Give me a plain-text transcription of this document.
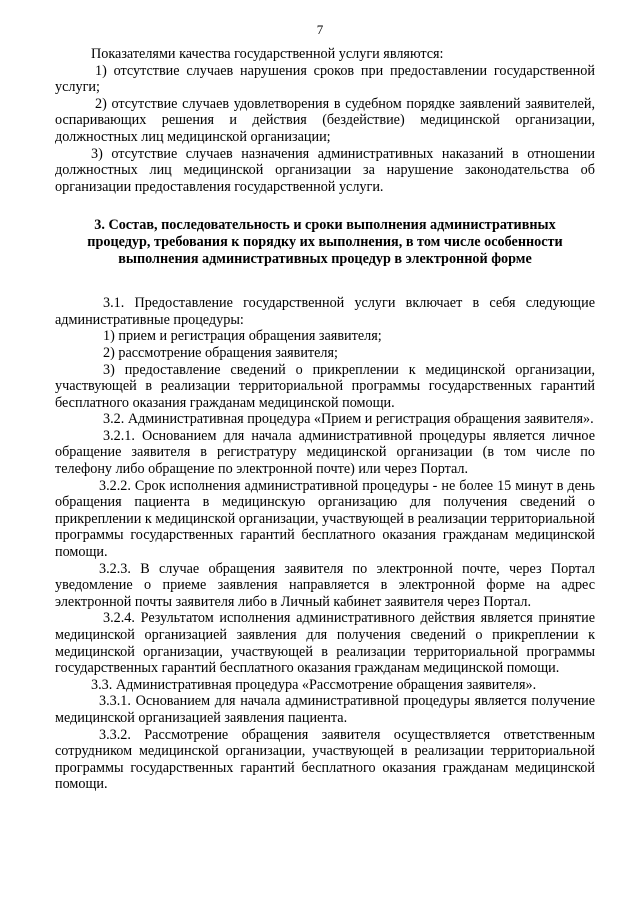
7

Показателями качества государственной услуги являются:

1) отсутствие случаев нарушения сроков при предоставлении государственной услуги;

2) отсутствие случаев удовлетворения в судебном порядке заявлений заявителей, оспаривающих решения и действия (бездействие) медицинской организации, должностных лиц медицинской организации;

3) отсутствие случаев назначения административных наказаний в отношении должностных лиц медицинской организации за нарушение законодательства об организации предоставления государственной услуги.

3. Состав, последовательность и сроки выполнения административных процедур, требования к порядку их выполнения, в том числе особенности выполнения административных процедур в электронной форме

3.1. Предоставление государственной услуги включает в себя следующие административные процедуры:

1) прием и регистрация обращения заявителя;

2) рассмотрение обращения заявителя;

3) предоставление сведений о прикреплении к медицинской организации, участвующей в реализации территориальной программы государственных гарантий бесплатного оказания гражданам медицинской помощи.

3.2. Административная процедура «Прием и регистрация обращения заявителя».

3.2.1. Основанием для начала административной процедуры является личное обращение заявителя в регистратуру медицинской организации (в том числе по телефону либо обращение по электронной почте) или через Портал.

3.2.2. Срок исполнения административной процедуры - не более 15 минут в день обращения пациента в медицинскую организацию для получения сведений о прикреплении к медицинской организации, участвующей в реализации территориальной программы государственных гарантий бесплатного оказания гражданам медицинской помощи.

3.2.3. В случае обращения заявителя по электронной почте, через Портал уведомление о приеме заявления направляется в электронной форме на адрес электронной почты заявителя либо в Личный кабинет заявителя через Портал.

3.2.4. Результатом исполнения административного действия является принятие медицинской организацией заявления для получения сведений о прикреплении к медицинской организации, участвующей в реализации территориальной программы государственных гарантий бесплатного оказания гражданам медицинской помощи.

3.3. Административная процедура «Рассмотрение обращения заявителя».

3.3.1. Основанием для начала административной процедуры является получение медицинской организацией заявления пациента.

3.3.2. Рассмотрение обращения заявителя осуществляется ответственным сотрудником медицинской организации, участвующей в реализации территориальной программы государственных гарантий бесплатного оказания гражданам медицинской помощи.
